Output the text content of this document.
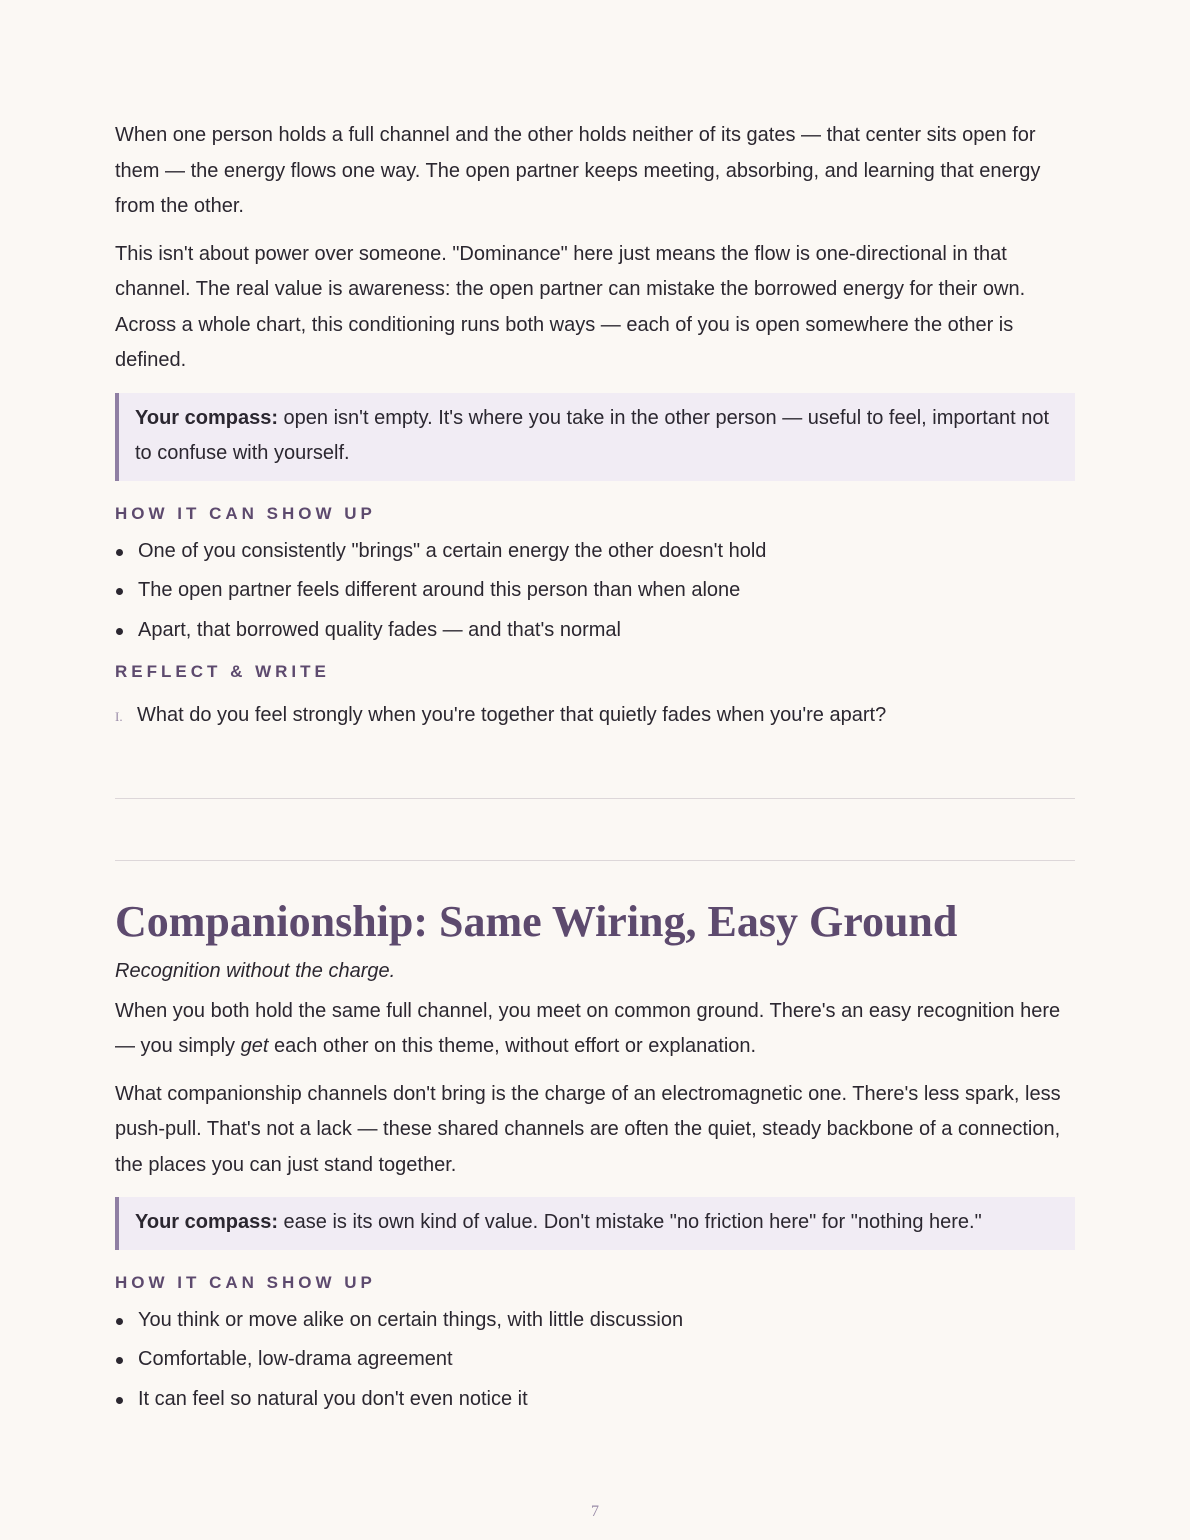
When one person holds a full channel and the other holds neither of its gates — that center sits open for them — the energy flows one way. The open partner keeps meeting, absorbing, and learning that energy from the other.

This isn't about power over someone. "Dominance" here just means the flow is one-directional in that channel. The real value is awareness: the open partner can mistake the borrowed energy for their own. Across a whole chart, this conditioning runs both ways — each of you is open somewhere the other is defined.

Your compass: open isn't empty. It's where you take in the other person — useful to feel, important not to confuse with yourself.
HOW IT CAN SHOW UP
One of you consistently "brings" a certain energy the other doesn't hold
The open partner feels different around this person than when alone
Apart, that borrowed quality fades — and that's normal
REFLECT & WRITE
I. What do you feel strongly when you're together that quietly fades when you're apart?
Companionship: Same Wiring, Easy Ground
Recognition without the charge.

When you both hold the same full channel, you meet on common ground. There's an easy recognition here — you simply get each other on this theme, without effort or explanation.

What companionship channels don't bring is the charge of an electromagnetic one. There's less spark, less push-pull. That's not a lack — these shared channels are often the quiet, steady backbone of a connection, the places you can just stand together.

Your compass: ease is its own kind of value. Don't mistake "no friction here" for "nothing here."
HOW IT CAN SHOW UP
You think or move alike on certain things, with little discussion
Comfortable, low-drama agreement
It can feel so natural you don't even notice it
7
